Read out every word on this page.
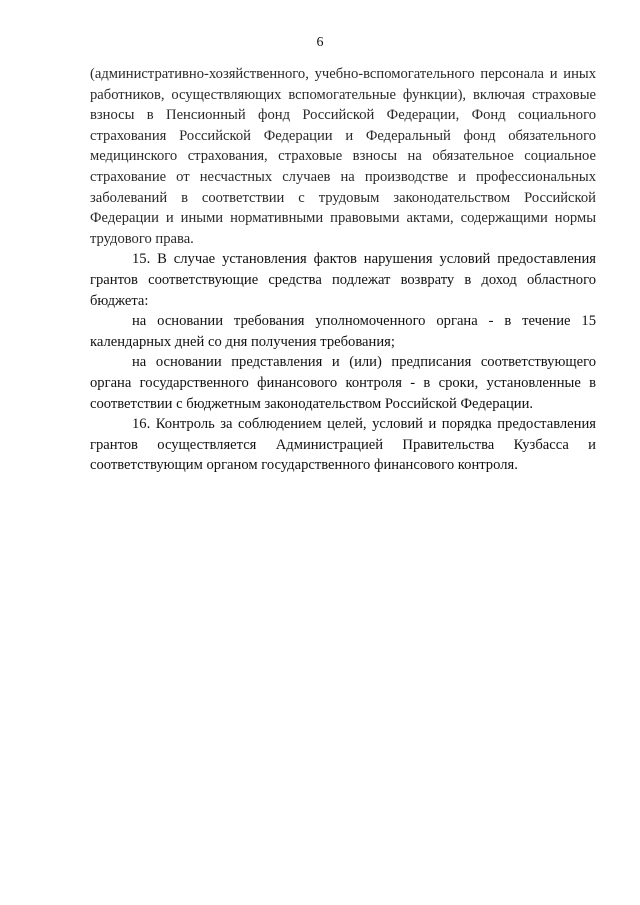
6

(административно-хозяйственного, учебно-вспомогательного персонала и иных работников, осуществляющих вспомогательные функции), включая страховые взносы в Пенсионный фонд Российской Федерации, Фонд социального страхования Российской Федерации и Федеральный фонд обязательного медицинского страхования, страховые взносы на обязательное социальное страхование от несчастных случаев на производстве и профессиональных заболеваний в соответствии с трудовым законодательством Российской Федерации и иными нормативными правовыми актами, содержащими нормы трудового права.

15. В случае установления фактов нарушения условий предоставления грантов соответствующие средства подлежат возврату в доход областного бюджета:

на основании требования уполномоченного органа - в течение 15 календарных дней со дня получения требования;

на основании представления и (или) предписания соответствующего органа государственного финансового контроля - в сроки, установленные в соответствии с бюджетным законодательством Российской Федерации.

16. Контроль за соблюдением целей, условий и порядка предоставления грантов осуществляется Администрацией Правительства Кузбасса и соответствующим органом государственного финансового контроля.
